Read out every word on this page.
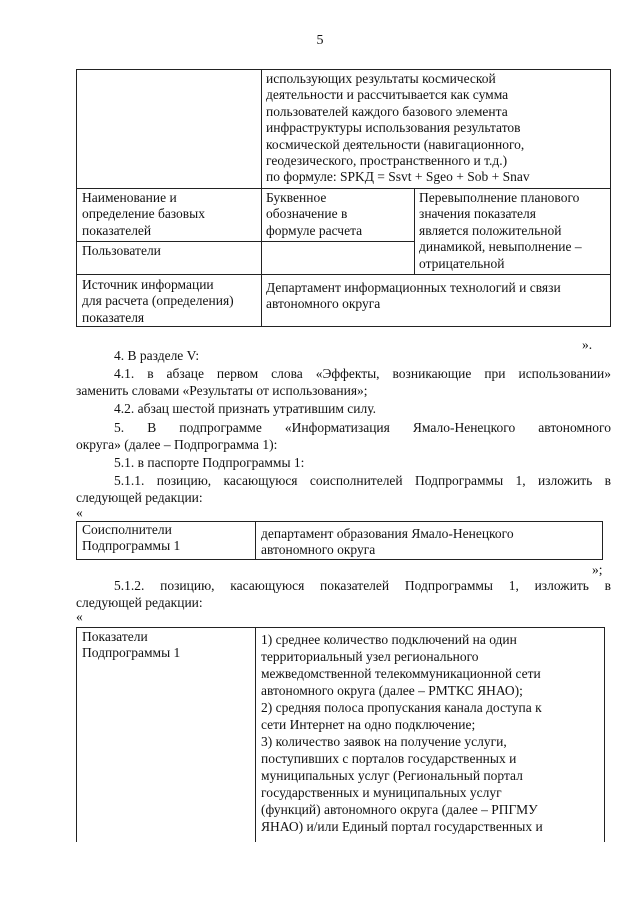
5
использующих результаты космической
деятельности и рассчитывается как сумма
пользователей каждого базового элемента
инфраструктуры использования результатов
космической деятельности (навигационного,
геодезического, пространственного и т.д.)
по формуле: SPKД = Ssvt + Sgeo + Sob + Snav
Наименование и
определение базовых
показателей
Буквенное
обозначение в
формуле расчета
Перевыполнение планового
значения показателя
является положительной
динамикой, невыполнение –
отрицательной
Пользователи
Источник информации
для расчета (определения)
показателя
Департамент информационных технологий и связи
автономного округа
».
4. В разделе V:
4.1. в абзаце первом слова «Эффекты, возникающие при использовании»
заменить словами «Результаты от использования»;
4.2. абзац шестой признать утратившим силу.
5. В подпрограмме «Информатизация Ямало-Ненецкого автономного
округа» (далее – Подпрограмма 1):
5.1. в паспорте Подпрограммы 1:
5.1.1. позицию, касающуюся соисполнителей Подпрограммы 1, изложить в
следующей редакции:
«
Соисполнители
Подпрограммы 1
департамент образования Ямало-Ненецкого
автономного округа
»;
5.1.2. позицию, касающуюся показателей Подпрограммы 1, изложить в
следующей редакции:
«
Показатели
Подпрограммы 1
1) среднее количество подключений на один
территориальный узел регионального
межведомственной телекоммуникационной сети
автономного округа (далее – РМТКС ЯНАО);
2) средняя полоса пропускания канала доступа к
сети Интернет на одно подключение;
3) количество заявок на получение услуги,
поступивших с порталов государственных и
муниципальных услуг (Региональный портал
государственных и муниципальных услуг
(функций) автономного округа (далее – РПГМУ
ЯНАО) и/или Единый портал государственных и
